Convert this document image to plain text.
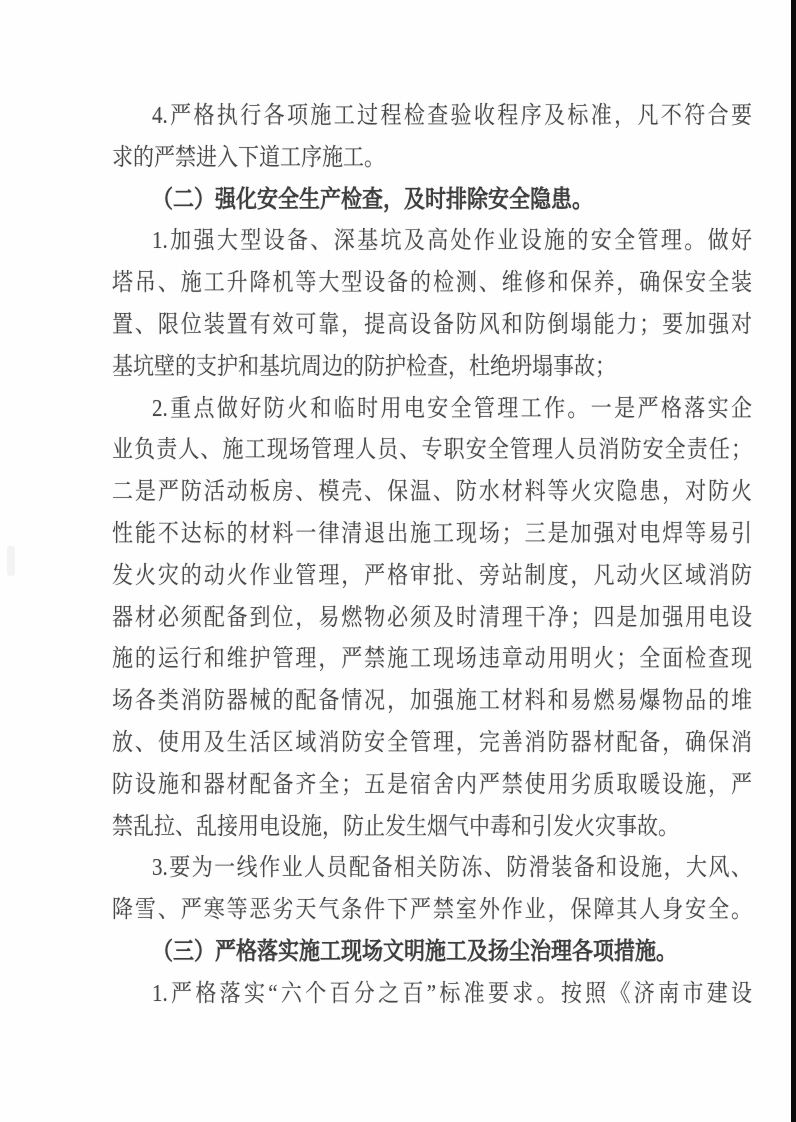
4.严格执行各项施工过程检查验收程序及标准，凡不符合要
求的严禁进入下道工序施工。
（二）强化安全生产检查，及时排除安全隐患。
1.加强大型设备、深基坑及高处作业设施的安全管理。做好
塔吊、施工升降机等大型设备的检测、维修和保养，确保安全装
置、限位装置有效可靠，提高设备防风和防倒塌能力；要加强对
基坑壁的支护和基坑周边的防护检查，杜绝坍塌事故；
2.重点做好防火和临时用电安全管理工作。一是严格落实企
业负责人、施工现场管理人员、专职安全管理人员消防安全责任；
二是严防活动板房、模壳、保温、防水材料等火灾隐患，对防火
性能不达标的材料一律清退出施工现场；三是加强对电焊等易引
发火灾的动火作业管理，严格审批、旁站制度，凡动火区域消防
器材必须配备到位，易燃物必须及时清理干净；四是加强用电设
施的运行和维护管理，严禁施工现场违章动用明火；全面检查现
场各类消防器械的配备情况，加强施工材料和易燃易爆物品的堆
放、使用及生活区域消防安全管理，完善消防器材配备，确保消
防设施和器材配备齐全；五是宿舍内严禁使用劣质取暖设施，严
禁乱拉、乱接用电设施，防止发生烟气中毒和引发火灾事故。
3.要为一线作业人员配备相关防冻、防滑装备和设施，大风、
降雪、严寒等恶劣天气条件下严禁室外作业，保障其人身安全。
（三）严格落实施工现场文明施工及扬尘治理各项措施。
1.严格落实“六个百分之百”标准要求。按照《济南市建设
